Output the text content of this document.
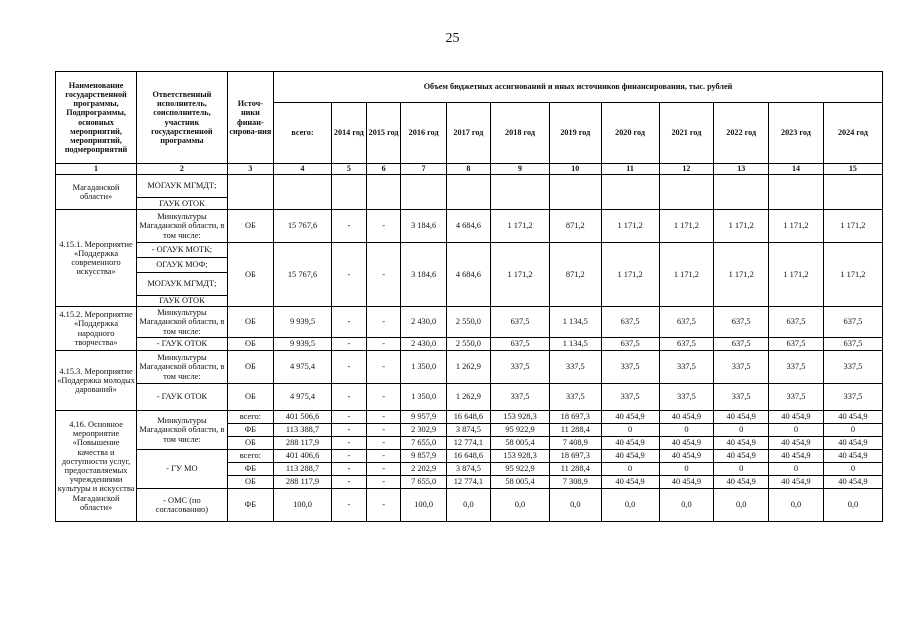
25
Наименование государственной программы, Подпрограммы, основных мероприятий, мероприятий, подмероприятий	Ответственный исполнитель, соисполнитель, участник государственной программы	Источ-ники финан-сирова-ния	Объем бюджетных ассигнований и иных источников финансирования, тыс. рублей											
			всего:	2014 год	2015 год	2016 год	2017 год	2018 год	2019 год	2020 год	2021 год	2022 год	2023 год	2024 год
1	2	3	4	5	6	7	8	9	10	11	12	13	14	15
Магаданской области»	МОГАУК МГМДТ;													
	ГАУК ОТОК													
4.15.1. Мероприятие «Поддержка современного искусства»	Минкультуры Магаданской области, в том числе:	ОБ	15 767,6	-	-	3 184,6	4 684,6	1 171,2	871,2	1 171,2	1 171,2	1 171,2	1 171,2	1 171,2
	- ОГАУК МОТК;	ОБ	15 767,6	-	-	3 184,6	4 684,6	1 171,2	871,2	1 171,2	1 171,2	1 171,2	1 171,2	1 171,2
	ОГАУК МОФ;													
	МОГАУК МГМДТ;													
	ГАУК ОТОК													
4.15.2. Мероприятие «Поддержка народного творчества»	Минкультуры Магаданской области, в том числе:	ОБ	9 939,5	-	-	2 430,0	2 550,0	637,5	1 134,5	637,5	637,5	637,5	637,5	637,5
	- ГАУК ОТОК	ОБ	9 939,5	-	-	2 430,0	2 550,0	637,5	1 134,5	637,5	637,5	637,5	637,5	637,5
4.15.3. Мероприятие «Поддержка молодых дарований»	Минкультуры Магаданской области, в том числе:	ОБ	4 975,4	-	-	1 350,0	1 262,9	337,5	337,5	337,5	337,5	337,5	337,5	337,5
	- ГАУК ОТОК	ОБ	4 975,4	-	-	1 350,0	1 262,9	337,5	337,5	337,5	337,5	337,5	337,5	337,5
4.16. Основное мероприятие «Повышение качества и доступности услуг, предоставляемых учреждениями культуры и искусства Магаданской области»	Минкультуры Магаданской области, в том числе:	всего:	401 506,6	-	-	9 957,9	16 648,6	153 928,3	18 697,3	40 454,9	40 454,9	40 454,9	40 454,9	40 454,9
		ФБ	113 388,7	-	-	2 302,9	3 874,5	95 922,9	11 288,4	0	0	0	0	0
		ОБ	288 117,9	-	-	7 655,0	12 774,1	58 005,4	7 408,9	40 454,9	40 454,9	40 454,9	40 454,9	40 454,9
	- ГУ МО	всего:	401 406,6	-	-	9 857,9	16 648,6	153 928,3	18 697,3	40 454,9	40 454,9	40 454,9	40 454,9	40 454,9
		ФБ	113 288,7	-	-	2 202,9	3 874,5	95 922,9	11 288,4	0	0	0	0	0
		ОБ	288 117,9	-	-	7 655,0	12 774,1	58 005,4	7 308,9	40 454,9	40 454,9	40 454,9	40 454,9	40 454,9
	- ОМС (по согласованию)	ФБ	100,0	-	-	100,0	0,0	0,0	0,0	0,0	0,0	0,0	0,0	0,0
